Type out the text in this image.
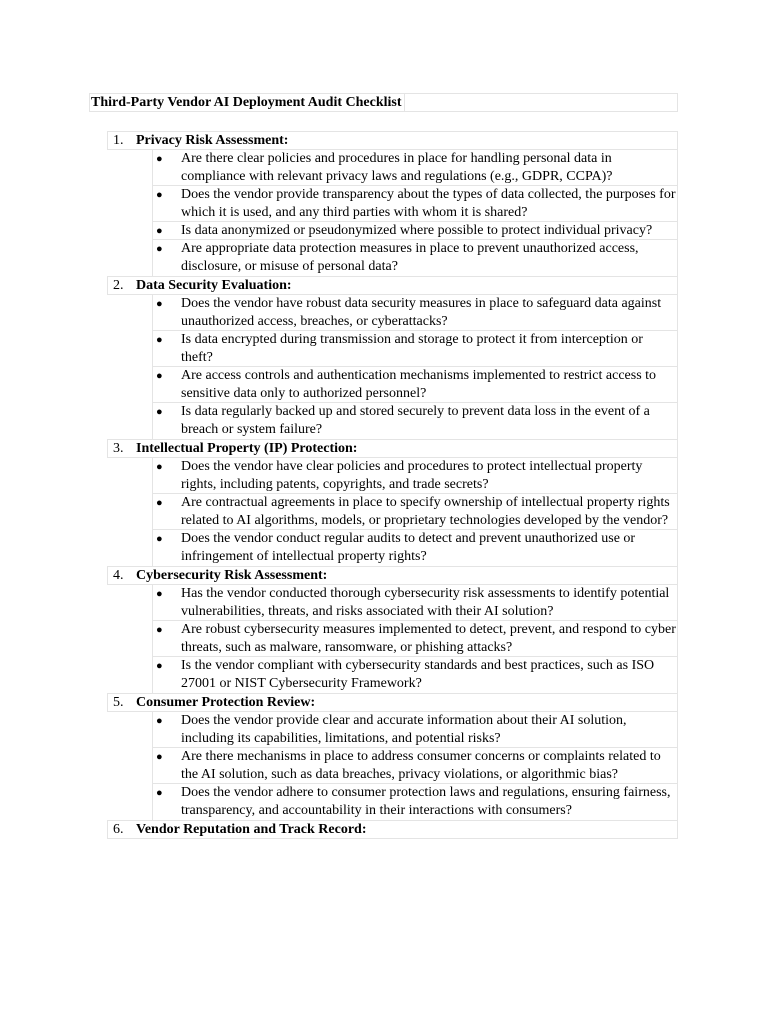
Third-Party Vendor AI Deployment Audit Checklist
1. Privacy Risk Assessment:
● Are there clear policies and procedures in place for handling personal data in compliance with relevant privacy laws and regulations (e.g., GDPR, CCPA)?
● Does the vendor provide transparency about the types of data collected, the purposes for which it is used, and any third parties with whom it is shared?
● Is data anonymized or pseudonymized where possible to protect individual privacy?
● Are appropriate data protection measures in place to prevent unauthorized access, disclosure, or misuse of personal data?
2. Data Security Evaluation:
● Does the vendor have robust data security measures in place to safeguard data against unauthorized access, breaches, or cyberattacks?
● Is data encrypted during transmission and storage to protect it from interception or theft?
● Are access controls and authentication mechanisms implemented to restrict access to sensitive data only to authorized personnel?
● Is data regularly backed up and stored securely to prevent data loss in the event of a breach or system failure?
3. Intellectual Property (IP) Protection:
● Does the vendor have clear policies and procedures to protect intellectual property rights, including patents, copyrights, and trade secrets?
● Are contractual agreements in place to specify ownership of intellectual property rights related to AI algorithms, models, or proprietary technologies developed by the vendor?
● Does the vendor conduct regular audits to detect and prevent unauthorized use or infringement of intellectual property rights?
4. Cybersecurity Risk Assessment:
● Has the vendor conducted thorough cybersecurity risk assessments to identify potential vulnerabilities, threats, and risks associated with their AI solution?
● Are robust cybersecurity measures implemented to detect, prevent, and respond to cyber threats, such as malware, ransomware, or phishing attacks?
● Is the vendor compliant with cybersecurity standards and best practices, such as ISO 27001 or NIST Cybersecurity Framework?
5. Consumer Protection Review:
● Does the vendor provide clear and accurate information about their AI solution, including its capabilities, limitations, and potential risks?
● Are there mechanisms in place to address consumer concerns or complaints related to the AI solution, such as data breaches, privacy violations, or algorithmic bias?
● Does the vendor adhere to consumer protection laws and regulations, ensuring fairness, transparency, and accountability in their interactions with consumers?
6. Vendor Reputation and Track Record:
